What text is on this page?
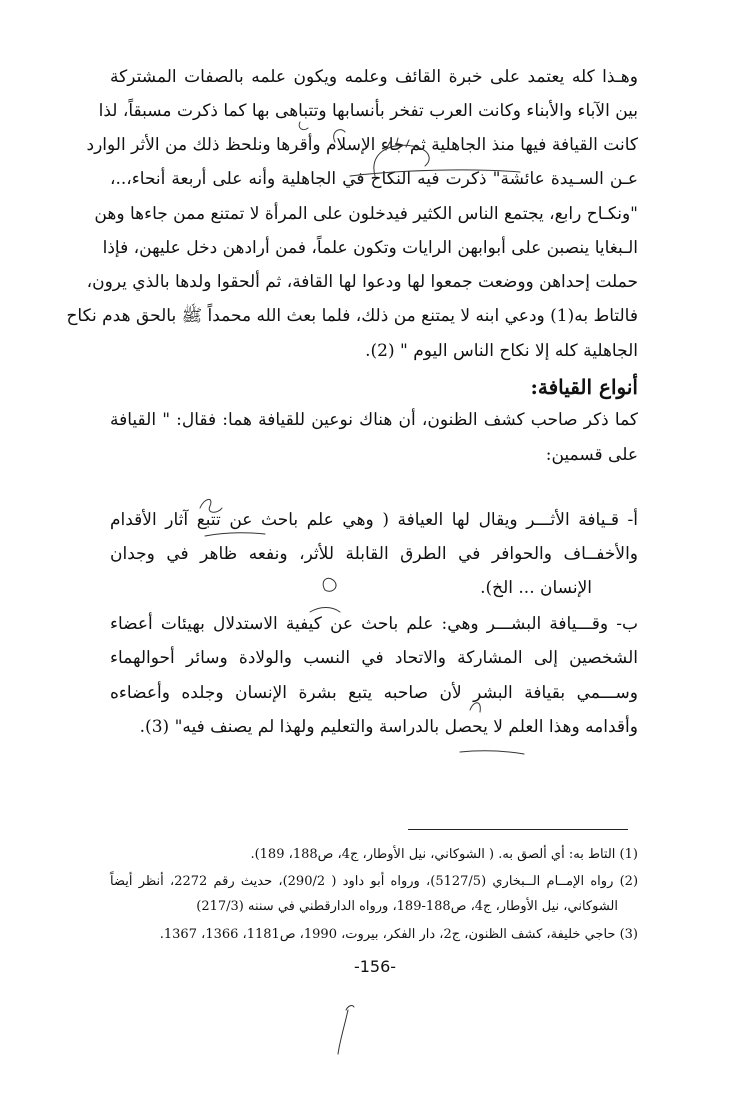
وهـذا كله يعتمد على خبرة القائف وعلمه ويكون علمه بالصفات المشتركة
بين الآباء والأبناء وكانت العرب تفخر بأنسابها وتتباهى بها كما ذكرت مسبقاً، لذا
كانت القيافة فيها منذ الجاهلية ثم جاء الإسلام وأقرها ونلحظ ذلك من الأثر الوارد
عـن السـيدة عائشة" ذكرت فيه النكاح في الجاهلية وأنه على أربعة أنحاء،..،
"ونكـاح رابع، يجتمع الناس الكثير فيدخلون على المرأة لا تمتنع ممن جاءها وهن
الـبغايا ينصبن على أبوابهن الرايات وتكون علماً، فمن أرادهن دخل عليهن، فإذا
حملت إحداهن ووضعت جمعوا لها ودعوا لها القافة، ثم ألحقوا ولدها بالذي يرون،
فالتاط به(1) ودعي ابنه لا يمتنع من ذلك، فلما بعث الله محمداً ﷺ بالحق هدم نكاح
الجاهلية كله إلا نكاح الناس اليوم " (2).
أنواع القيافة:
كما ذكر صاحب كشف الظنون، أن هناك نوعين للقيافة هما: فقال: " القيافة
على قسمين:
أ- قـيافة الأثـــر ويقال لها العيافة ( وهي علم باحث عن تتبع آثار الأقدام
والأخفــاف والحوافر في الطرق القابلة للأثر، ونفعه ظاهر في وجدان
الإنسان ... الخ).
ب- وقـــيافة البشـــر وهي: علم باحث عن كيفية الاستدلال بهيئات أعضاء
الشخصين إلى المشاركة والاتحاد في النسب والولادة وسائر أحوالهماء
وســـمي بقيافة البشر لأن صاحبه يتبع بشرة الإنسان وجلده وأعضاءه
وأقدامه وهذا العلم لا يحصل بالدراسة والتعليم ولهذا لم يصنف فيه" (3).
(1) التاط به: أي ألصق به. ( الشوكاني، نيل الأوطار، ج4، ص188، 189).
(2) رواه الإمــام الــبخاري (5127/5)، ورواه أبو داود ( 290/2)، حديث رقم 2272، أنظر أيضاً
الشوكاني، نيل الأوطار، ج4، ص188-189، ورواه الدارقطني في سننه (217/3)
(3) حاجي خليفة، كشف الظنون، ج2، دار الفكر، بيروت، 1990، ص1181، 1366، 1367.
-156-
